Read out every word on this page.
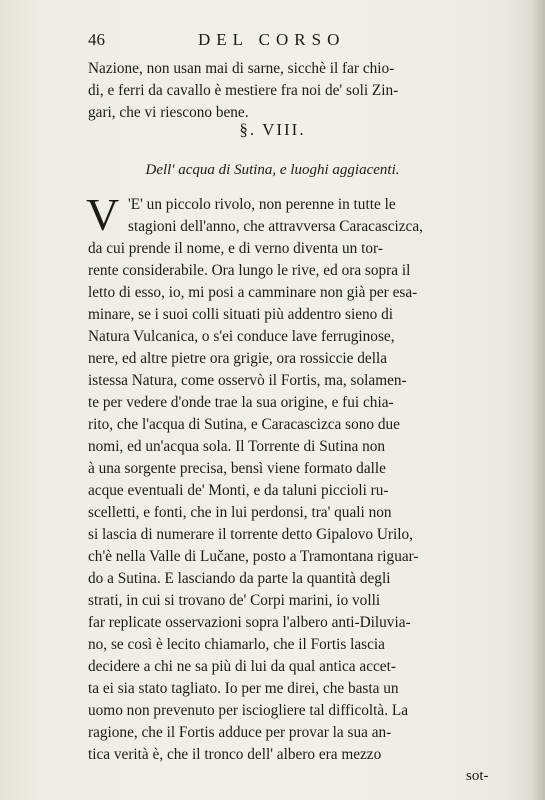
46	DEL CORSO
Nazione, non usan mai di sarne, sicchè il far chio-
di, e ferri da cavallo è mestiere fra noi de' soli Zin-
gari, che vi riescono bene.
§. VIII.
Dell' acqua di Sutina, e luoghi aggiacenti.
V 'E' un piccolo rivolo, non perenne in tutte le
stagioni dell'anno, che attravversa Caracascizca,
da cui prende il nome, e di verno diventa un tor-
rente considerabile. Ora lungo le rive, ed ora sopra il
letto di esso, io, mi posi a camminare non già per esa-
minare, se i suoi colli situati più addentro sieno di
Natura Vulcanica, o s'ei conduce lave ferruginose,
nere, ed altre pietre ora grigie, ora rossiccie della
istessa Natura, come osservò il Fortis, ma, solamen-
te per vedere d'onde trae la sua origine, e fui chia-
rito, che l'acqua di Sutina, e Caracascizca sono due
nomi, ed un'acqua sola. Il Torrente di Sutina non
à una sorgente precisa, bensì viene formato dalle
acque eventuali de' Monti, e da taluni piccioli ru-
scelletti, e fonti, che in lui perdonsi, tra' quali non
si lascia di numerare il torrente detto Gipalovo Urilo,
ch'è nella Valle di Lučane, posto a Tramontana riguar-
do a Sutina. E lasciando da parte la quantità degli
strati, in cui si trovano de' Corpi marini, io volli
far replicate osservazioni sopra l'albero anti-Diluvia-
no, se così è lecito chiamarlo, che il Fortis lascia
decidere a chi ne sa più di lui da qual antica accet-
ta ei sia stato tagliato. Io per me direi, che basta un
uomo non prevenuto per isciogliere tal difficoltà. La
ragione, che il Fortis adduce per provar la sua an-
tica verità è, che il tronco dell' albero era mezzo
sot-
